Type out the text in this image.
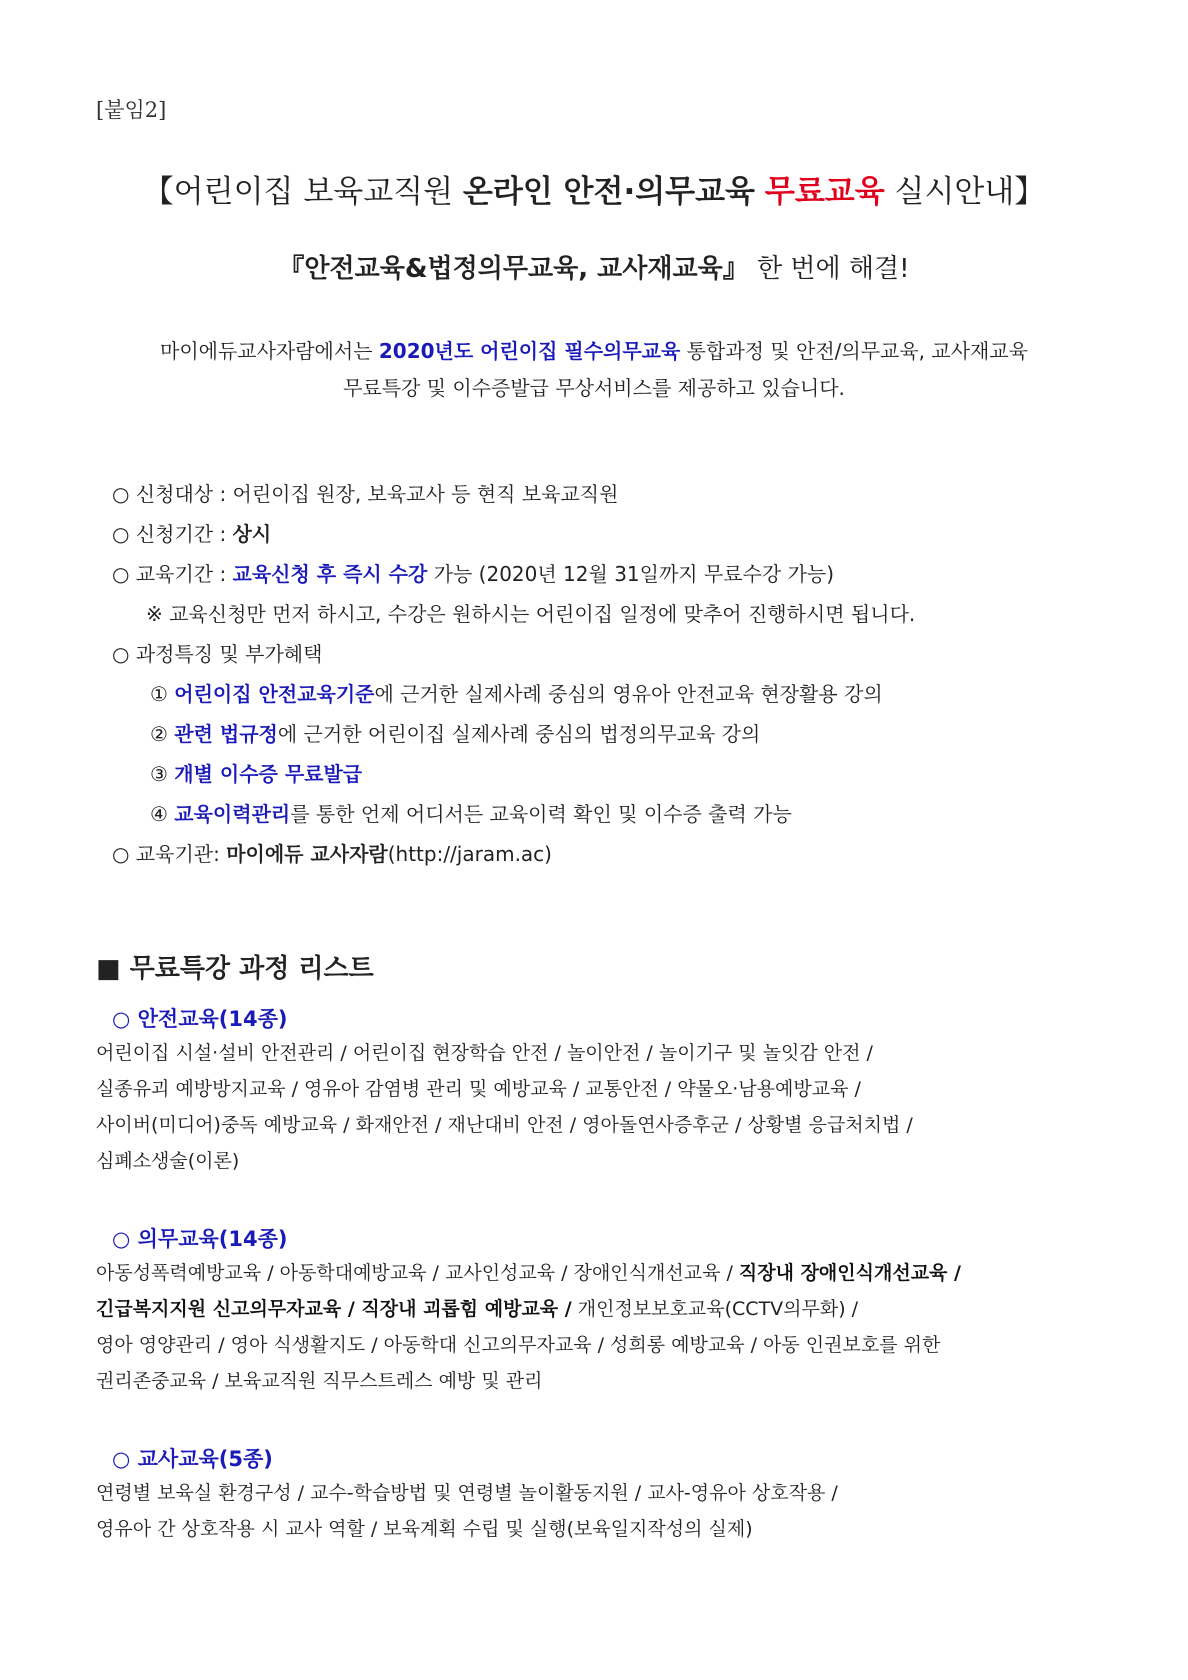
[붙임2]
【어린이집 보육교직원 온라인 안전·의무교육 무료교육 실시안내】
『안전교육&법정의무교육, 교사재교육』 한 번에 해결!
마이에듀교사자람에서는 2020년도 어린이집 필수의무교육 통합과정 및 안전/의무교육, 교사재교육
무료특강 및 이수증발급 무상서비스를 제공하고 있습니다.
○ 신청대상 : 어린이집 원장, 보육교사 등 현직 보육교직원
○ 신청기간 : 상시
○ 교육기간 : 교육신청 후 즉시 수강 가능 (2020년 12월 31일까지 무료수강 가능)
※ 교육신청만 먼저 하시고, 수강은 원하시는 어린이집 일정에 맞추어 진행하시면 됩니다.
○ 과정특징 및 부가혜택
① 어린이집 안전교육기준에 근거한 실제사례 중심의 영유아 안전교육 현장활용 강의
② 관련 법규정에 근거한 어린이집 실제사례 중심의 법정의무교육 강의
③ 개별 이수증 무료발급
④ 교육이력관리를 통한 언제 어디서든 교육이력 확인 및 이수증 출력 가능
○ 교육기관: 마이에듀 교사자람(http://jaram.ac)
■ 무료특강 과정 리스트
○ 안전교육(14종)
어린이집 시설·설비 안전관리 / 어린이집 현장학습 안전 / 놀이안전 / 놀이기구 및 놀잇감 안전 /
실종유괴 예방방지교육 / 영유아 감염병 관리 및 예방교육 / 교통안전 / 약물오·남용예방교육 /
사이버(미디어)중독 예방교육 / 화재안전 / 재난대비 안전 / 영아돌연사증후군 / 상황별 응급처치법 /
심폐소생술(이론)
○ 의무교육(14종)
아동성폭력예방교육 / 아동학대예방교육 / 교사인성교육 / 장애인식개선교육 / 직장내 장애인식개선교육 /
긴급복지지원 신고의무자교육 / 직장내 괴롭힘 예방교육 / 개인정보보호교육(CCTV의무화) /
영아 영양관리 / 영아 식생활지도 / 아동학대 신고의무자교육 / 성희롱 예방교육 / 아동 인권보호를 위한
권리존중교육 / 보육교직원 직무스트레스 예방 및 관리
○ 교사교육(5종)
연령별 보육실 환경구성 / 교수-학습방법 및 연령별 놀이활동지원 / 교사-영유아 상호작용 /
영유아 간 상호작용 시 교사 역할 / 보육계획 수립 및 실행(보육일지작성의 실제)
